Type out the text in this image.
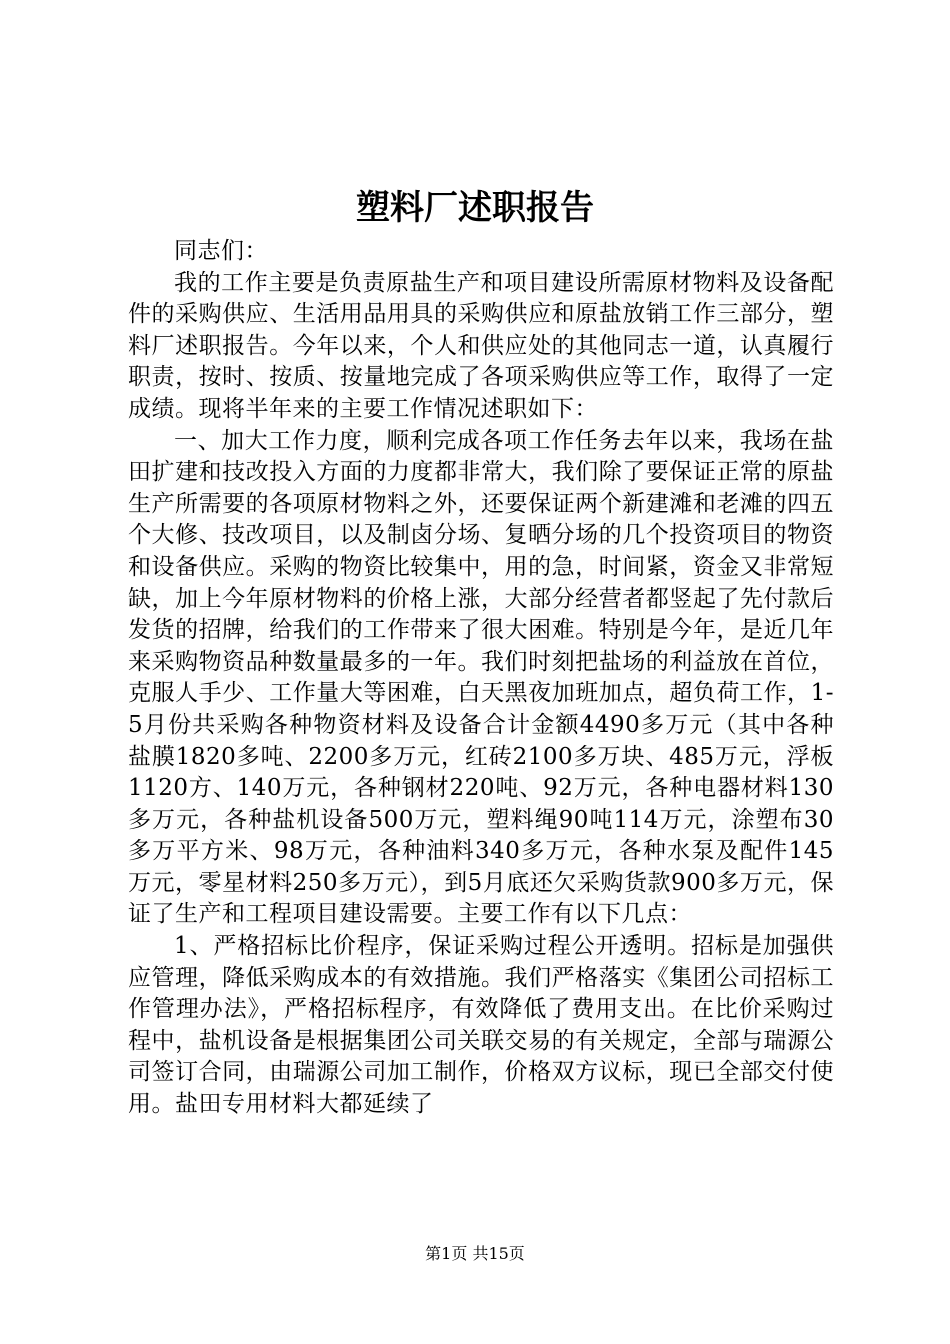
塑料厂述职报告

同志们：

我的工作主要是负责原盐生产和项目建设所需原材物料及设备配件的采购供应、生活用品用具的采购供应和原盐放销工作三部分，塑料厂述职报告。今年以来，个人和供应处的其他同志一道，认真履行职责，按时、按质、按量地完成了各项采购供应等工作，取得了一定成绩。现将半年来的主要工作情况述职如下：

一、加大工作力度，顺利完成各项工作任务去年以来，我场在盐田扩建和技改投入方面的力度都非常大，我们除了要保证正常的原盐生产所需要的各项原材物料之外，还要保证两个新建滩和老滩的四五个大修、技改项目，以及制卤分场、复晒分场的几个投资项目的物资和设备供应。采购的物资比较集中，用的急，时间紧，资金又非常短缺，加上今年原材物料的价格上涨，大部分经营者都竖起了先付款后发货的招牌，给我们的工作带来了很大困难。特别是今年，是近几年来采购物资品种数量最多的一年。我们时刻把盐场的利益放在首位，克服人手少、工作量大等困难，白天黑夜加班加点，超负荷工作，1-5月份共采购各种物资材料及设备合计金额4490多万元（其中各种盐膜1820多吨、2200多万元，红砖2100多万块、485万元，浮板1120方、140万元，各种钢材220吨、92万元，各种电器材料130多万元，各种盐机设备500万元，塑料绳90吨114万元，涂塑布30多万平方米、98万元，各种油料340多万元，各种水泵及配件145万元，零星材料250多万元），到5月底还欠采购货款900多万元，保证了生产和工程项目建设需要。主要工作有以下几点：

1、严格招标比价程序，保证采购过程公开透明。招标是加强供应管理，降低采购成本的有效措施。我们严格落实《集团公司招标工作管理办法》，严格招标程序，有效降低了费用支出。在比价采购过程中，盐机设备是根据集团公司关联交易的有关规定，全部与瑞源公司签订合同，由瑞源公司加工制作，价格双方议标，现已全部交付使用。盐田专用材料大都延续了

第1页 共15页
